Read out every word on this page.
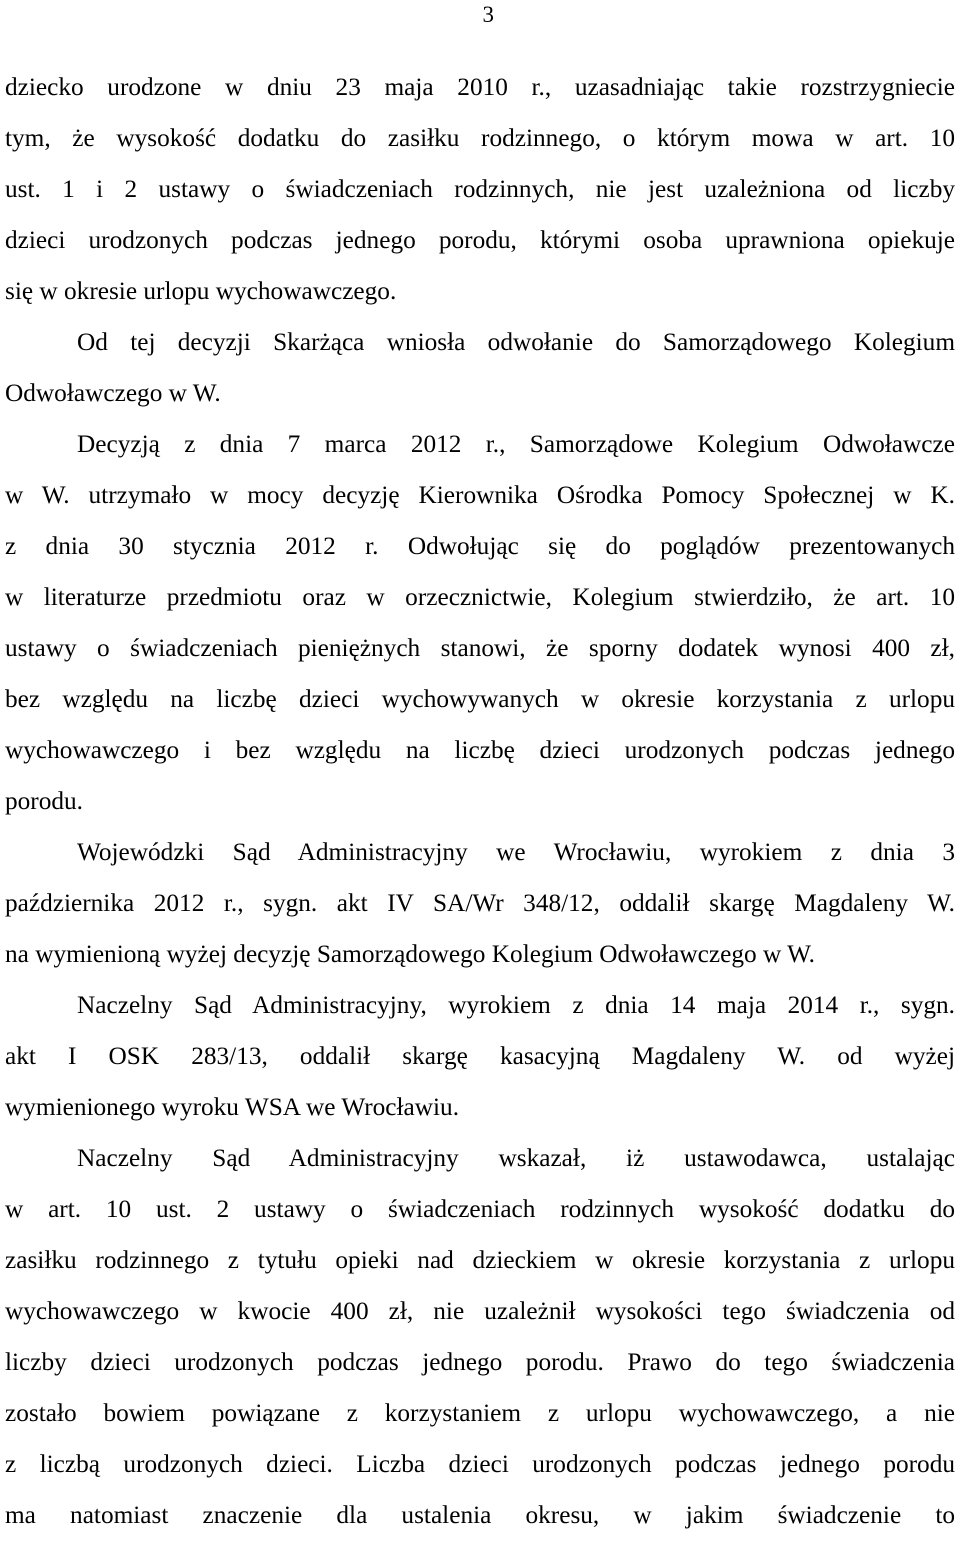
3
dziecko urodzone w dniu 23 maja 2010 r., uzasadniając takie rozstrzygniecie
tym, że wysokość dodatku do zasiłku rodzinnego, o którym mowa w art. 10
ust. 1 i 2 ustawy o świadczeniach rodzinnych, nie jest uzależniona od liczby
dzieci urodzonych podczas jednego porodu, którymi osoba uprawniona opiekuje
się w okresie urlopu wychowawczego.
Od tej decyzji Skarżąca wniosła odwołanie do Samorządowego Kolegium
Odwoławczego w W.
Decyzją z dnia 7 marca 2012 r., Samorządowe Kolegium Odwoławcze
w W. utrzymało w mocy decyzję Kierownika Ośrodka Pomocy Społecznej w K.
z dnia 30 stycznia 2012 r. Odwołując się do poglądów prezentowanych
w literaturze przedmiotu oraz w orzecznictwie, Kolegium stwierdziło, że art. 10
ustawy o świadczeniach pieniężnych stanowi, że sporny dodatek wynosi 400 zł,
bez względu na liczbę dzieci wychowywanych w okresie korzystania z urlopu
wychowawczego i bez względu na liczbę dzieci urodzonych podczas jednego
porodu.
Wojewódzki Sąd Administracyjny we Wrocławiu, wyrokiem z dnia 3
października 2012 r., sygn. akt IV SA/Wr 348/12, oddalił skargę Magdaleny W.
na wymienioną wyżej decyzję Samorządowego Kolegium Odwoławczego w W.
Naczelny Sąd Administracyjny, wyrokiem z dnia 14 maja 2014 r., sygn.
akt I OSK 283/13, oddalił skargę kasacyjną Magdaleny W. od wyżej
wymienionego wyroku WSA we Wrocławiu.
Naczelny Sąd Administracyjny wskazał, iż ustawodawca, ustalając
w art. 10 ust. 2 ustawy o świadczeniach rodzinnych wysokość dodatku do
zasiłku rodzinnego z tytułu opieki nad dzieckiem w okresie korzystania z urlopu
wychowawczego w kwocie 400 zł, nie uzależnił wysokości tego świadczenia od
liczby dzieci urodzonych podczas jednego porodu. Prawo do tego świadczenia
zostało bowiem powiązane z korzystaniem z urlopu wychowawczego, a nie
z liczbą urodzonych dzieci. Liczba dzieci urodzonych podczas jednego porodu
ma natomiast znaczenie dla ustalenia okresu, w jakim świadczenie to
